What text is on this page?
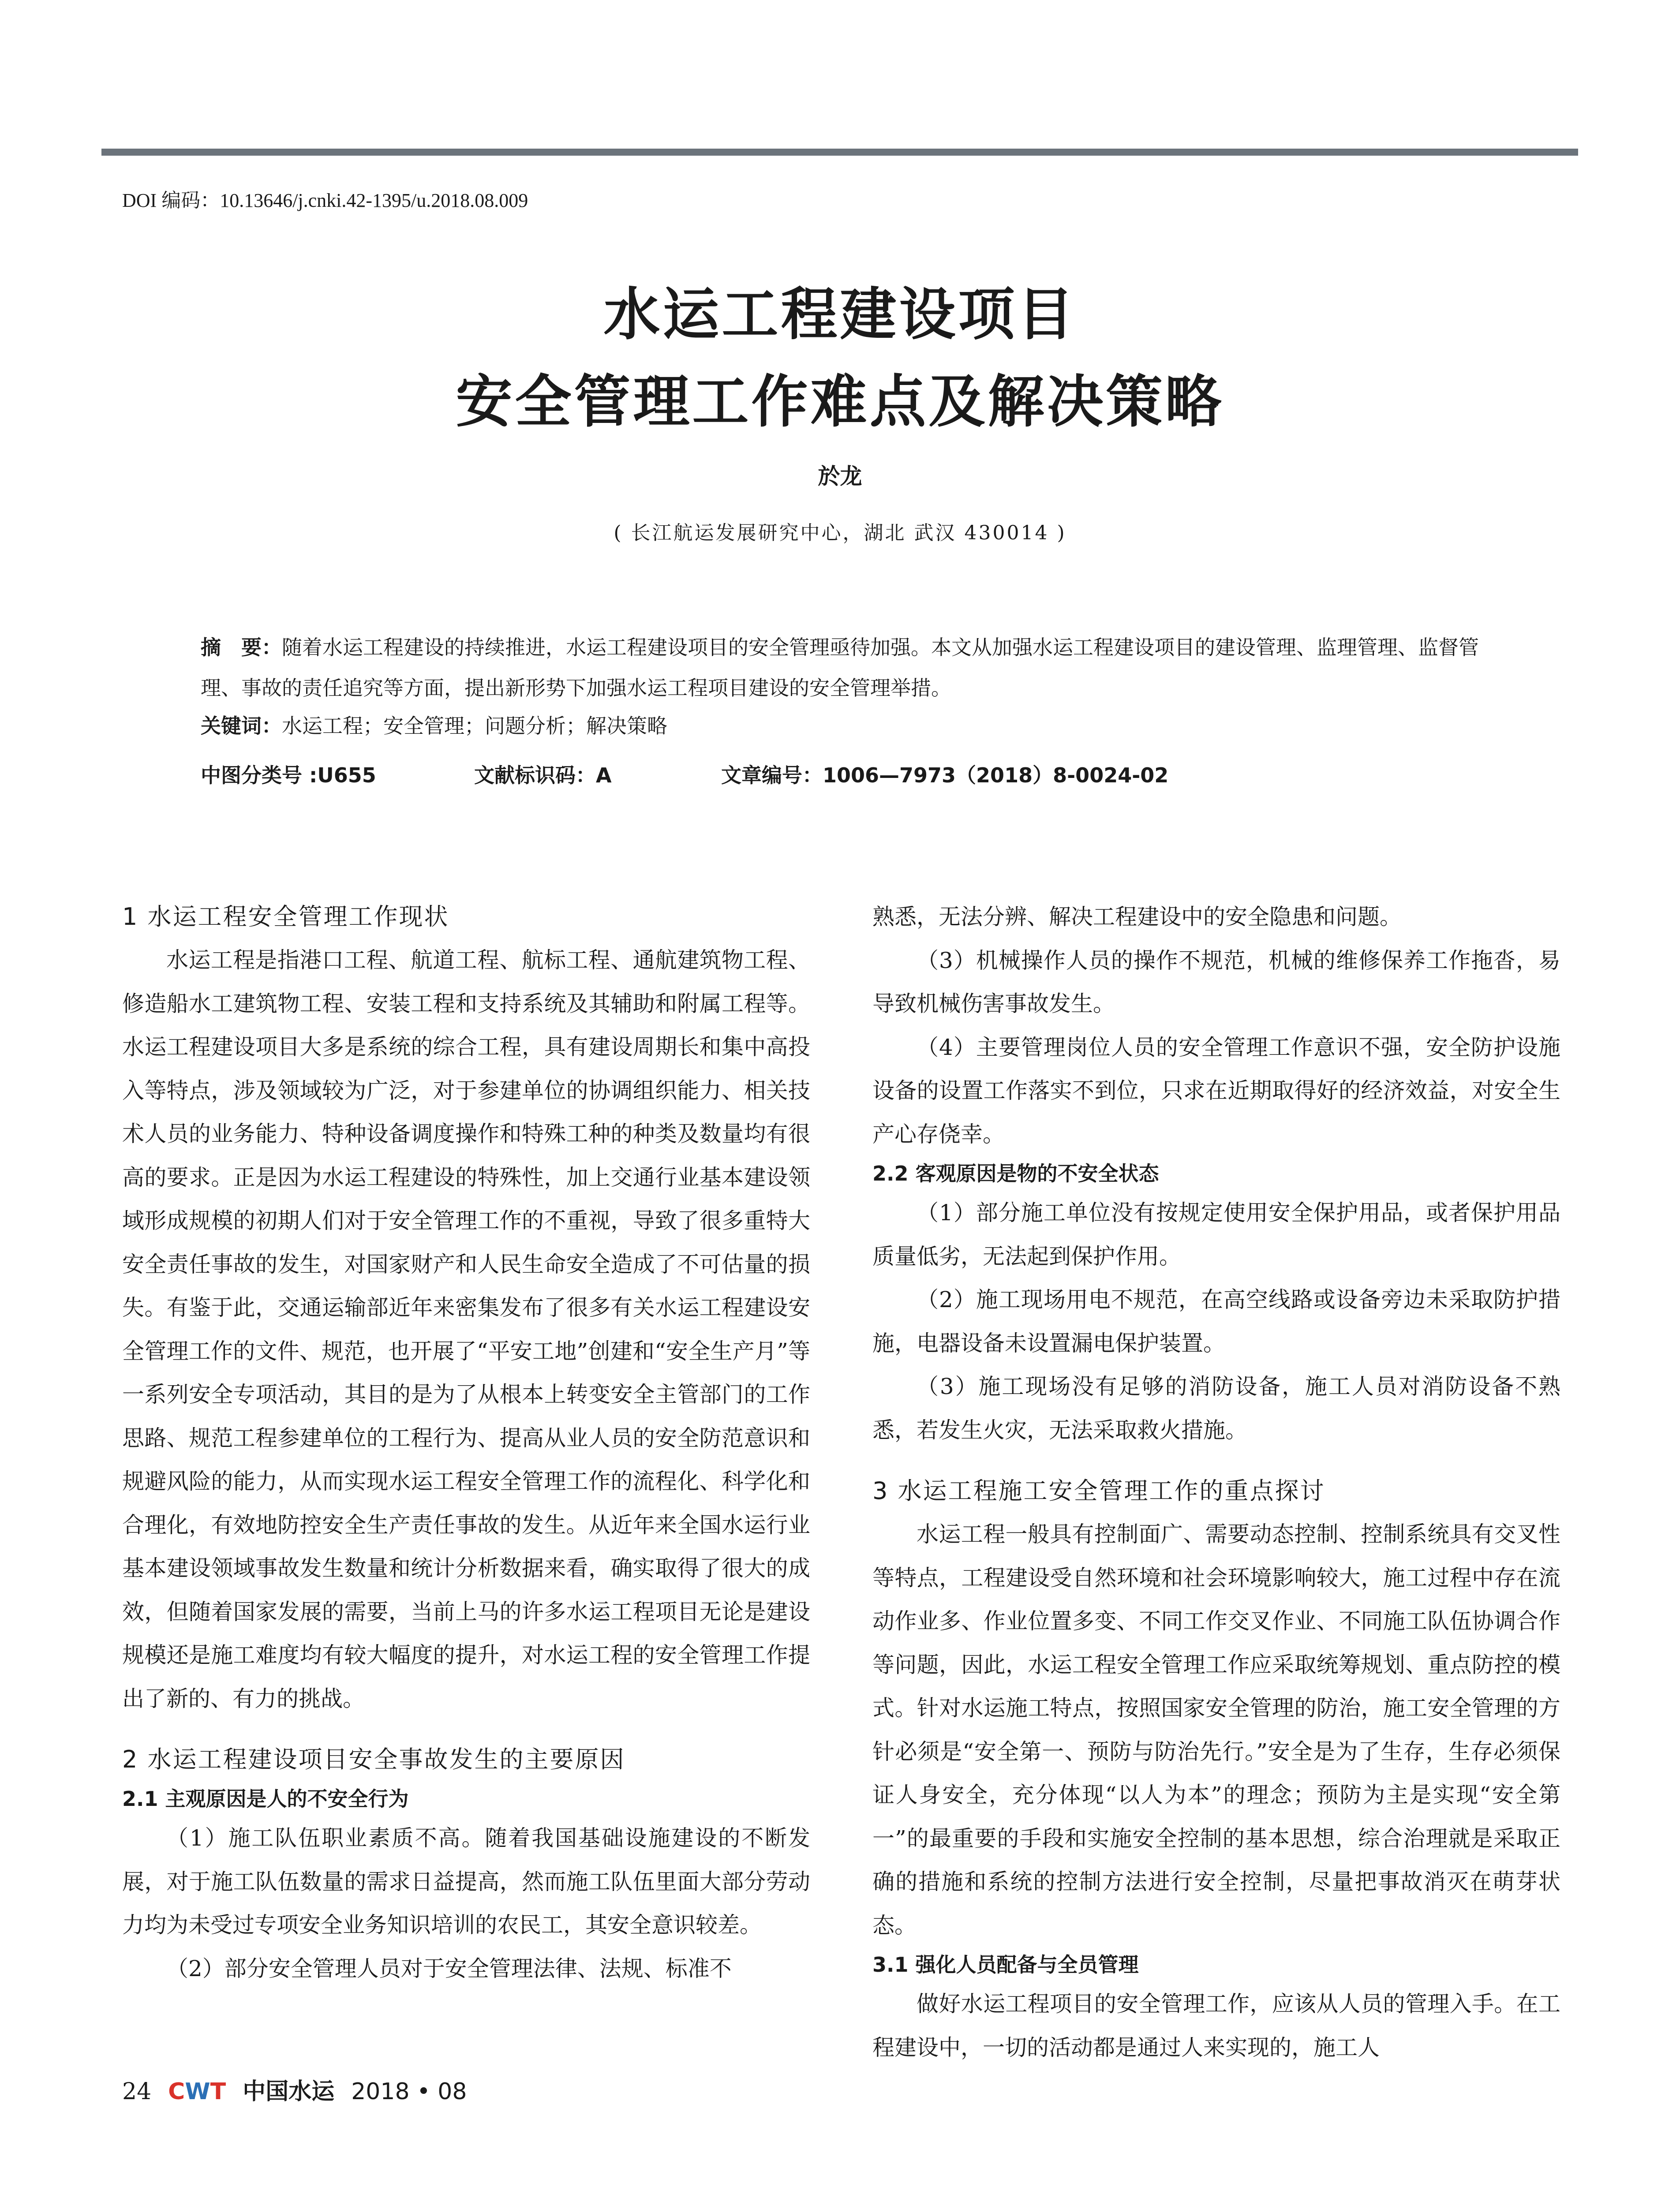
DOI 编码：10.13646/j.cnki.42-1395/u.2018.08.009
水运工程建设项目
安全管理工作难点及解决策略
於龙
( 长江航运发展研究中心，湖北 武汉 430014 )
摘　要：随着水运工程建设的持续推进，水运工程建设项目的安全管理亟待加强。本文从加强水运工程建设项目的建设管理、监理管理、监督管理、事故的责任追究等方面，提出新形势下加强水运工程项目建设的安全管理举措。
关键词：水运工程；安全管理；问题分析；解决策略
中图分类号 :U655	文献标识码：A	文章编号：1006—7973（2018）8-0024-02
1 水运工程安全管理工作现状

水运工程是指港口工程、航道工程、航标工程、通航建筑物工程、修造船水工建筑物工程、安装工程和支持系统及其辅助和附属工程等。水运工程建设项目大多是系统的综合工程，具有建设周期长和集中高投入等特点，涉及领域较为广泛，对于参建单位的协调组织能力、相关技术人员的业务能力、特种设备调度操作和特殊工种的种类及数量均有很高的要求。正是因为水运工程建设的特殊性，加上交通行业基本建设领域形成规模的初期人们对于安全管理工作的不重视，导致了很多重特大安全责任事故的发生，对国家财产和人民生命安全造成了不可估量的损失。有鉴于此，交通运输部近年来密集发布了很多有关水运工程建设安全管理工作的文件、规范，也开展了“平安工地”创建和“安全生产月”等一系列安全专项活动，其目的是为了从根本上转变安全主管部门的工作思路、规范工程参建单位的工程行为、提高从业人员的安全防范意识和规避风险的能力，从而实现水运工程安全管理工作的流程化、科学化和合理化，有效地防控安全生产责任事故的发生。从近年来全国水运行业基本建设领域事故发生数量和统计分析数据来看，确实取得了很大的成效，但随着国家发展的需要，当前上马的许多水运工程项目无论是建设规模还是施工难度均有较大幅度的提升，对水运工程的安全管理工作提出了新的、有力的挑战。

2 水运工程建设项目安全事故发生的主要原因
2.1 主观原因是人的不安全行为

（1）施工队伍职业素质不高。随着我国基础设施建设的不断发展，对于施工队伍数量的需求日益提高，然而施工队伍里面大部分劳动力均为未受过专项安全业务知识培训的农民工，其安全意识较差。

（2）部分安全管理人员对于安全管理法律、法规、标准不

熟悉，无法分辨、解决工程建设中的安全隐患和问题。

（3）机械操作人员的操作不规范，机械的维修保养工作拖沓，易导致机械伤害事故发生。

（4）主要管理岗位人员的安全管理工作意识不强，安全防护设施设备的设置工作落实不到位，只求在近期取得好的经济效益，对安全生产心存侥幸。

2.2 客观原因是物的不安全状态

（1）部分施工单位没有按规定使用安全保护用品，或者保护用品质量低劣，无法起到保护作用。

（2）施工现场用电不规范，在高空线路或设备旁边未采取防护措施，电器设备未设置漏电保护装置。

（3）施工现场没有足够的消防设备，施工人员对消防设备不熟悉，若发生火灾，无法采取救火措施。

3 水运工程施工安全管理工作的重点探讨

水运工程一般具有控制面广、需要动态控制、控制系统具有交叉性等特点，工程建设受自然环境和社会环境影响较大，施工过程中存在流动作业多、作业位置多变、不同工作交叉作业、不同施工队伍协调合作等问题，因此，水运工程安全管理工作应采取统筹规划、重点防控的模式。针对水运施工特点，按照国家安全管理的防治，施工安全管理的方针必须是“安全第一、预防与防治先行。”安全是为了生存，生存必须保证人身安全，充分体现“以人为本”的理念；预防为主是实现“安全第一”的最重要的手段和实施安全控制的基本思想，综合治理就是采取正确的措施和系统的控制方法进行安全控制，尽量把事故消灭在萌芽状态。

3.1 强化人员配备与全员管理

做好水运工程项目的安全管理工作，应该从人员的管理入手。在工程建设中，一切的活动都是通过人来实现的，施工人

24 CWT 中国水运 2018 • 08
